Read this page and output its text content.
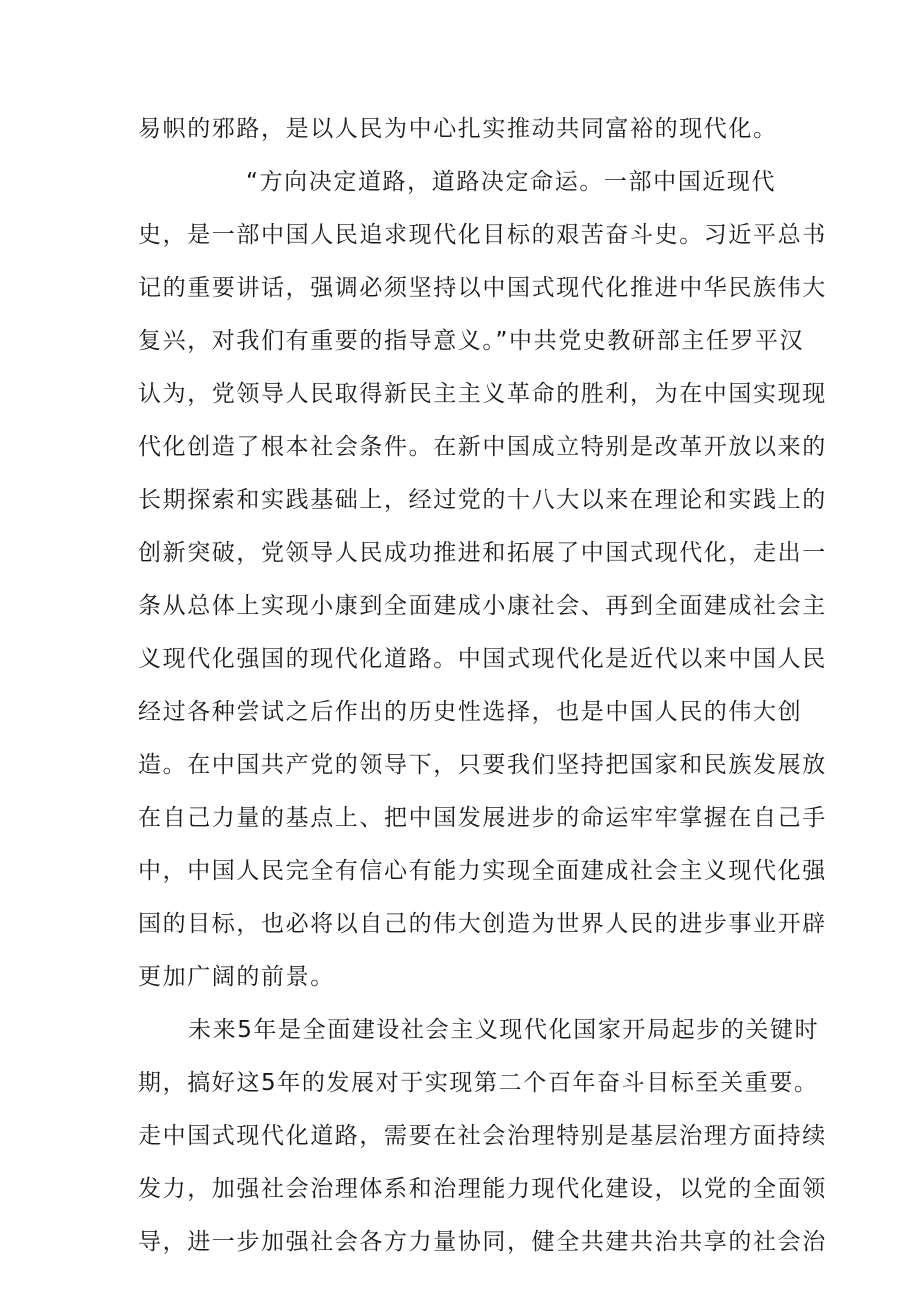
易帜的邪路，是以人民为中心扎实推动共同富裕的现代化。
“方向决定道路，道路决定命运。一部中国近现代
史，是一部中国人民追求现代化目标的艰苦奋斗史。习近平总书
记的重要讲话，强调必须坚持以中国式现代化推进中华民族伟大
复兴，对我们有重要的指导意义。”中共党史教研部主任罗平汉
认为，党领导人民取得新民主主义革命的胜利，为在中国实现现
代化创造了根本社会条件。在新中国成立特别是改革开放以来的
长期探索和实践基础上，经过党的十八大以来在理论和实践上的
创新突破，党领导人民成功推进和拓展了中国式现代化，走出一
条从总体上实现小康到全面建成小康社会、再到全面建成社会主
义现代化强国的现代化道路。中国式现代化是近代以来中国人民
经过各种尝试之后作出的历史性选择，也是中国人民的伟大创
造。在中国共产党的领导下，只要我们坚持把国家和民族发展放
在自己力量的基点上、把中国发展进步的命运牢牢掌握在自己手
中，中国人民完全有信心有能力实现全面建成社会主义现代化强
国的目标，也必将以自己的伟大创造为世界人民的进步事业开辟
更加广阔的前景。
未来5年是全面建设社会主义现代化国家开局起步的关键时
期，搞好这5年的发展对于实现第二个百年奋斗目标至关重要。
走中国式现代化道路，需要在社会治理特别是基层治理方面持续
发力，加强社会治理体系和治理能力现代化建设，以党的全面领
导，进一步加强社会各方力量协同，健全共建共治共享的社会治
